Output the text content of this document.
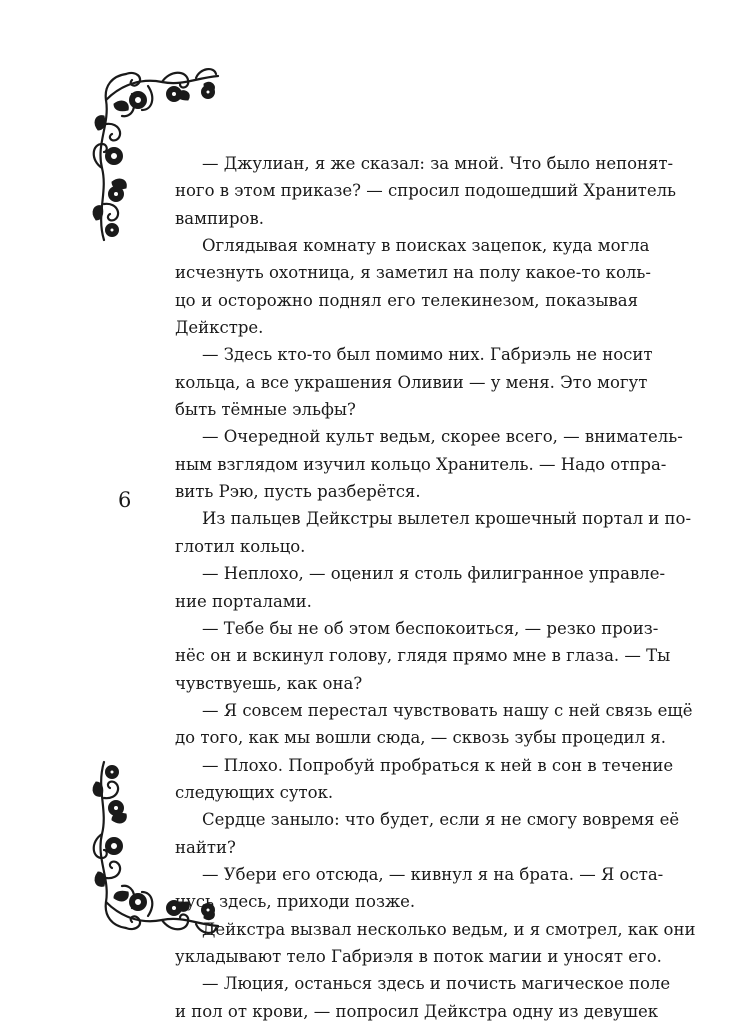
6
— Джулиан, я же сказал: за мной. Что было непонят-
ного в этом приказе? — спросил подошедший Хранитель
вампиров.
Оглядывая комнату в поисках зацепок, куда могла
исчезнуть охотница, я заметил на полу какое-то коль-
цо и осторожно поднял его телекинезом, показывая
Дейкстре.
— Здесь кто-то был помимо них. Габриэль не носит
кольца, а все украшения Оливии — у меня. Это могут
быть тёмные эльфы?
— Очередной культ ведьм, скорее всего, — вниматель-
ным взглядом изучил кольцо Хранитель. — Надо отпра-
вить Рэю, пусть разберётся.
Из пальцев Дейкстры вылетел крошечный портал и по-
глотил кольцо.
— Неплохо, — оценил я столь филигранное управле-
ние порталами.
— Тебе бы не об этом беспокоиться, — резко произ-
нёс он и вскинул голову, глядя прямо мне в глаза. — Ты
чувствуешь, как она?
— Я совсем перестал чувствовать нашу с ней связь ещё
до того, как мы вошли сюда, — сквозь зубы процедил я.
— Плохо. Попробуй пробраться к ней в сон в течение
следующих суток.
Сердце заныло: что будет, если я не смогу вовремя её
найти?
— Убери его отсюда, — кивнул я на брата. — Я остa-
нусь здесь, приходи позже.
Дейкстра вызвал несколько ведьм, и я смотрел, как они
укладывают тело Габриэля в поток магии и уносят его.
— Люция, останься здесь и почисть магическое поле
и пол от крови, — попросил Дейкстра одну из девушек
